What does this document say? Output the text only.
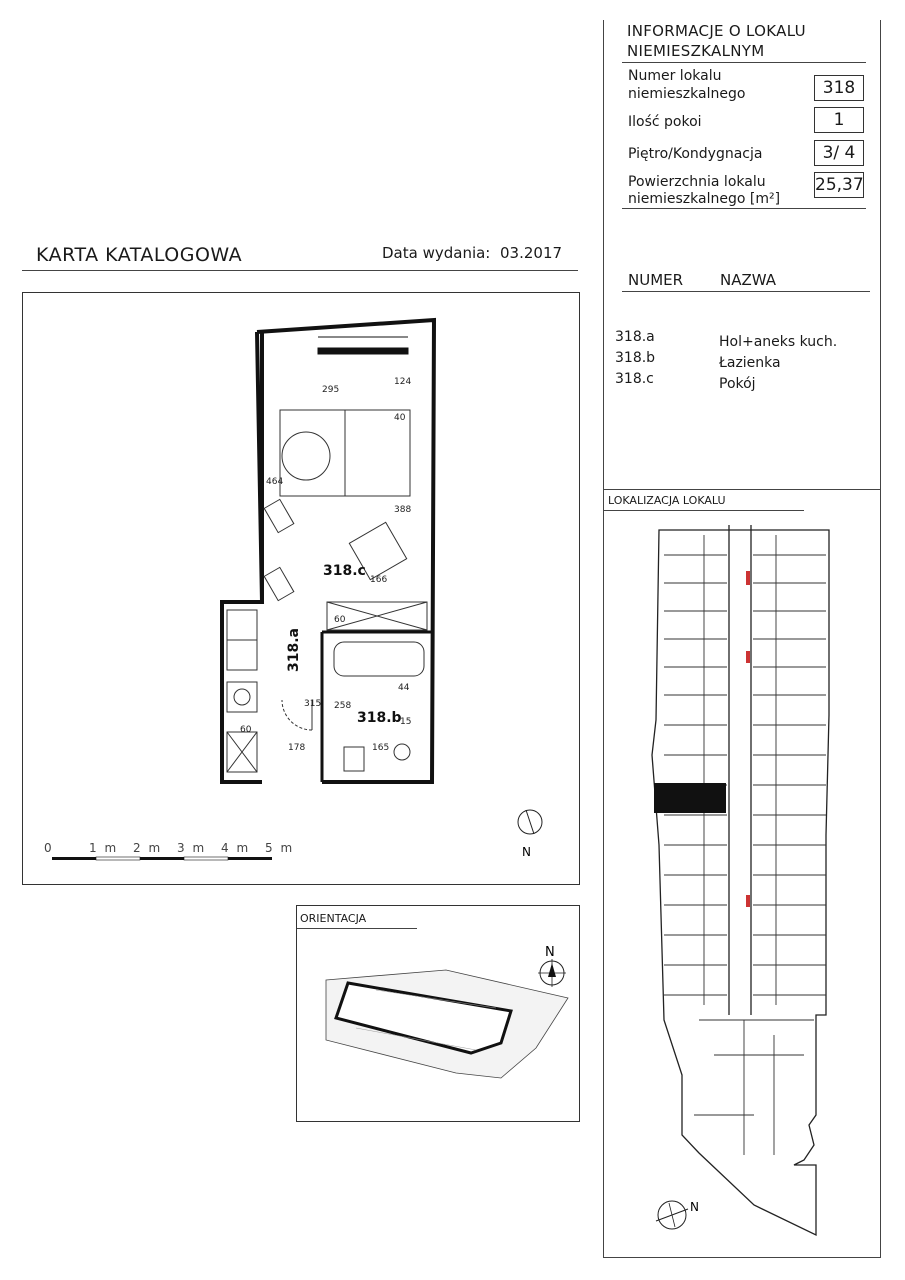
KARTA KATALOGOWA	Data wydania: 03.2017
INFORMACJE O LOKALU
NIEMIESZKALNYM
Numer lokalu
niemieszkalnego	318
Ilość pokoi	1
Piętro/Kondygnacja	3/ 4
Powierzchnia lokalu
niemieszkalnego [m²]
25,37
NUMER NAZWA
318.a	Hol+aneks kuch.
318.b	Łazienka
318.c	Pokój
LOKALIZACJA LOKALU
N
295
124
40
464
388
166
60
44
315 258
15
178	165
60
318.c
318.a
318.b
N
0	1 m 2 m 3 m 4 m 5 m
ORIENTACJA
N
